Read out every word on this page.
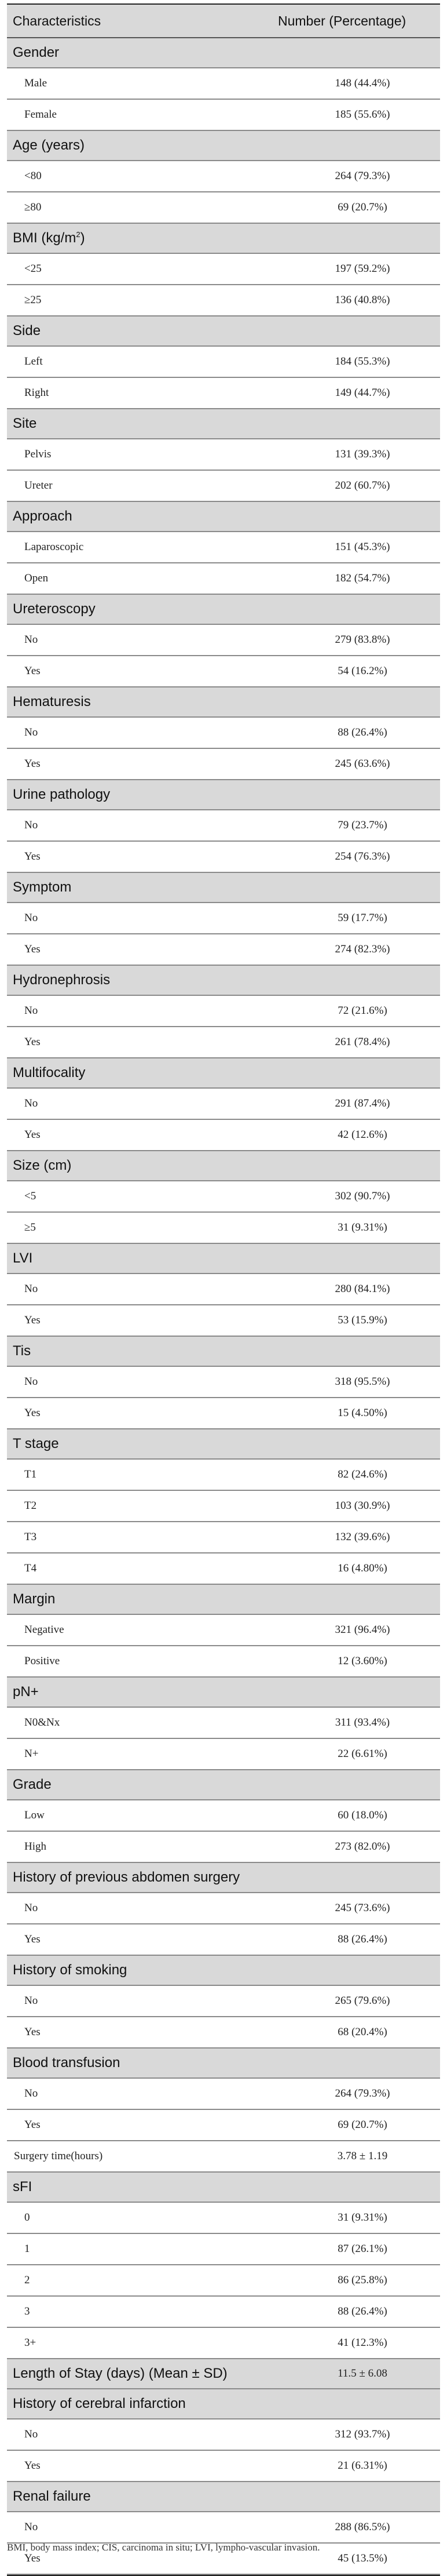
Characteristics	Number (Percentage)
Gender
Male	148 (44.4%)
Female	185 (55.6%)
Age (years)
<80	264 (79.3%)
≥80	69 (20.7%)
BMI $(kg/m^2)$
<25	197 (59.2%)
≥25	136 (40.8%)
Side
Left	184 (55.3%)
Right	149 (44.7%)
Site
Pelvis	131 (39.3%)
Ureter	202 (60.7%)
Approach
Laparoscopic	151 (45.3%)
Open	182 (54.7%)
Ureteroscopy
No	279 (83.8%)
Yes	54 (16.2%)
Hematuresis
No	88 (26.4%)
Yes	245 (63.6%)
Urine pathology
No	79 (23.7%)
Yes	254 (76.3%)
Symptom
No	59 (17.7%)
Yes	274 (82.3%)
Hydronephrosis
No	72 (21.6%)
Yes	261 (78.4%)
Multifocality
No	291 (87.4%)
Yes	42 (12.6%)
Size (cm)
<5	302 (90.7%)
≥5	31 (9.31%)
LVI
No	280 (84.1%)
Yes	53 (15.9%)
Tis
No	318 (95.5%)
Yes	15 (4.50%)
T stage
T1	82 (24.6%)
T2	103 (30.9%)
T3	132 (39.6%)
T4	16 (4.80%)
Margin
Negative	321 (96.4%)
Positive	12 (3.60%)
pN+
N0&Nx	311 (93.4%)
N+	22 (6.61%)
Grade
Low	60 (18.0%)
High	273 (82.0%)
History of previous abdomen surgery
No	245 (73.6%)
Yes	88 (26.4%)
History of smoking
No	265 (79.6%)
Yes	68 (20.4%)
Blood transfusion
No	264 (79.3%)
Yes	69 (20.7%)
Surgery time(hours)	3.78 ± 1.19
sFI
0	31 (9.31%)
1	87 (26.1%)
2	86 (25.8%)
3	88 (26.4%)
3+	41 (12.3%)
Length of Stay (days) (Mean ± SD)	11.5 ± 6.08
History of cerebral infarction
No	312 (93.7%)
Yes	21 (6.31%)
Renal failure
No	288 (86.5%)
Yes	45 (13.5%)
BMI, body mass index; CIS, carcinoma in situ; LVI, lympho-vascular invasion.
